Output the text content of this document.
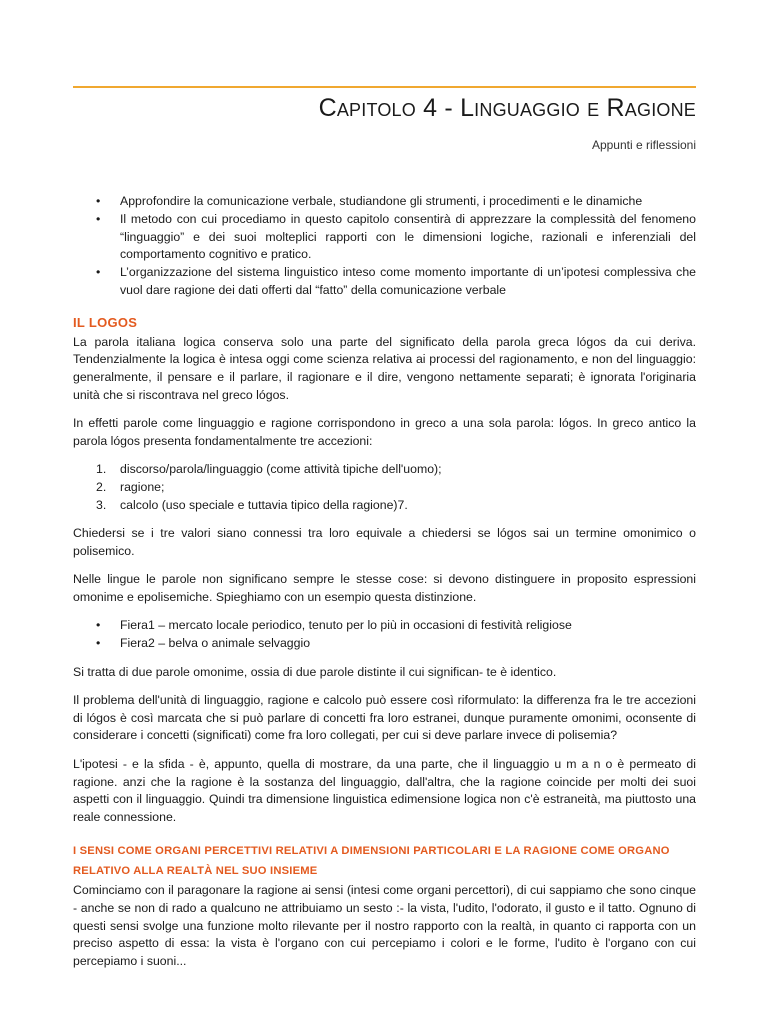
CAPITOLO 4 - LINGUAGGIO E RAGIONE
Appunti e riflessioni
• Approfondire la comunicazione verbale, studiandone gli strumenti, i procedimenti e le dinamiche
• Il metodo con cui procediamo in questo capitolo consentirà di apprezzare la complessità del fenomeno “linguaggio” e dei suoi molteplici rapporti con le dimensioni logiche, razionali e inferenziali del comportamento cognitivo e pratico.
• L’organizzazione del sistema linguistico inteso come momento importante di un’ipotesi complessiva che vuol dare ragione dei dati offerti dal “fatto” della comunicazione verbale
IL LOGOS

La parola italiana logica conserva solo una parte del significato della parola greca lógos da cui deriva. Tendenzialmente la logica è intesa oggi come scienza relativa ai processi del ragionamento, e non del linguaggio: generalmente, il pensare e il parlare, il ragionare e il dire, vengono nettamente separati; è ignorata l'originaria unità che si riscontrava nel greco lógos.

In effetti parole come linguaggio e ragione corrispondono in greco a una sola parola: lógos. In greco antico la parola lógos presenta fondamentalmente tre accezioni:

1. discorso/parola/linguaggio (come attività tipiche dell'uomo);
2. ragione;
3. calcolo (uso speciale e tuttavia tipico della ragione)7.

Chiedersi se i tre valori siano connessi tra loro equivale a chiedersi se lógos sai un termine omonimico o polisemico.

Nelle lingue le parole non significano sempre le stesse cose: si devono distinguere in proposito espressioni omonime e epolisemiche. Spieghiamo con un esempio questa distinzione.

• Fiera1 – mercato locale periodico, tenuto per lo più in occasioni di festività religiose
• Fiera2 – belva o animale selvaggio

Si tratta di due parole omonime, ossia di due parole distinte il cui significan- te è identico.

Il problema dell'unità di linguaggio, ragione e calcolo può essere così riformulato: la differenza fra le tre accezioni di lógos è così marcata che si può parlare di concetti fra loro estranei, dunque puramente omonimi, oconsente di considerare i concetti (significati) come fra loro collegati, per cui si deve parlare invece di polisemia?

L'ipotesi - e la sfida - è, appunto, quella di mostrare, da una parte, che il linguaggio u m a n o è permeato di ragione. anzi che la ragione è la sostanza del linguaggio, dall'altra, che la ragione coincide per molti dei suoi aspetti con il linguaggio. Quindi tra dimensione linguistica edimensione logica non c'è estraneità, ma piuttosto una reale connessione.

I SENSI COME ORGANI PERCETTIVI RELATIVI A DIMENSIONI PARTICOLARI E LA RAGIONE COME ORGANO RELATIVO ALLA REALTÀ NEL SUO INSIEME

Cominciamo con il paragonare la ragione ai sensi (intesi come organi percettori), di cui sappiamo che sono cinque - anche se non di rado a qualcuno ne attribuiamo un sesto :- la vista, l'udito, l'odorato, il gusto e il tatto. Ognuno di questi sensi svolge una funzione molto rilevante per il nostro rapporto con la realtà, in quanto ci rapporta con un preciso aspetto di essa: la vista è l'organo con cui percepiamo i colori e le forme, l'udito è l'organo con cui percepiamo i suoni...
